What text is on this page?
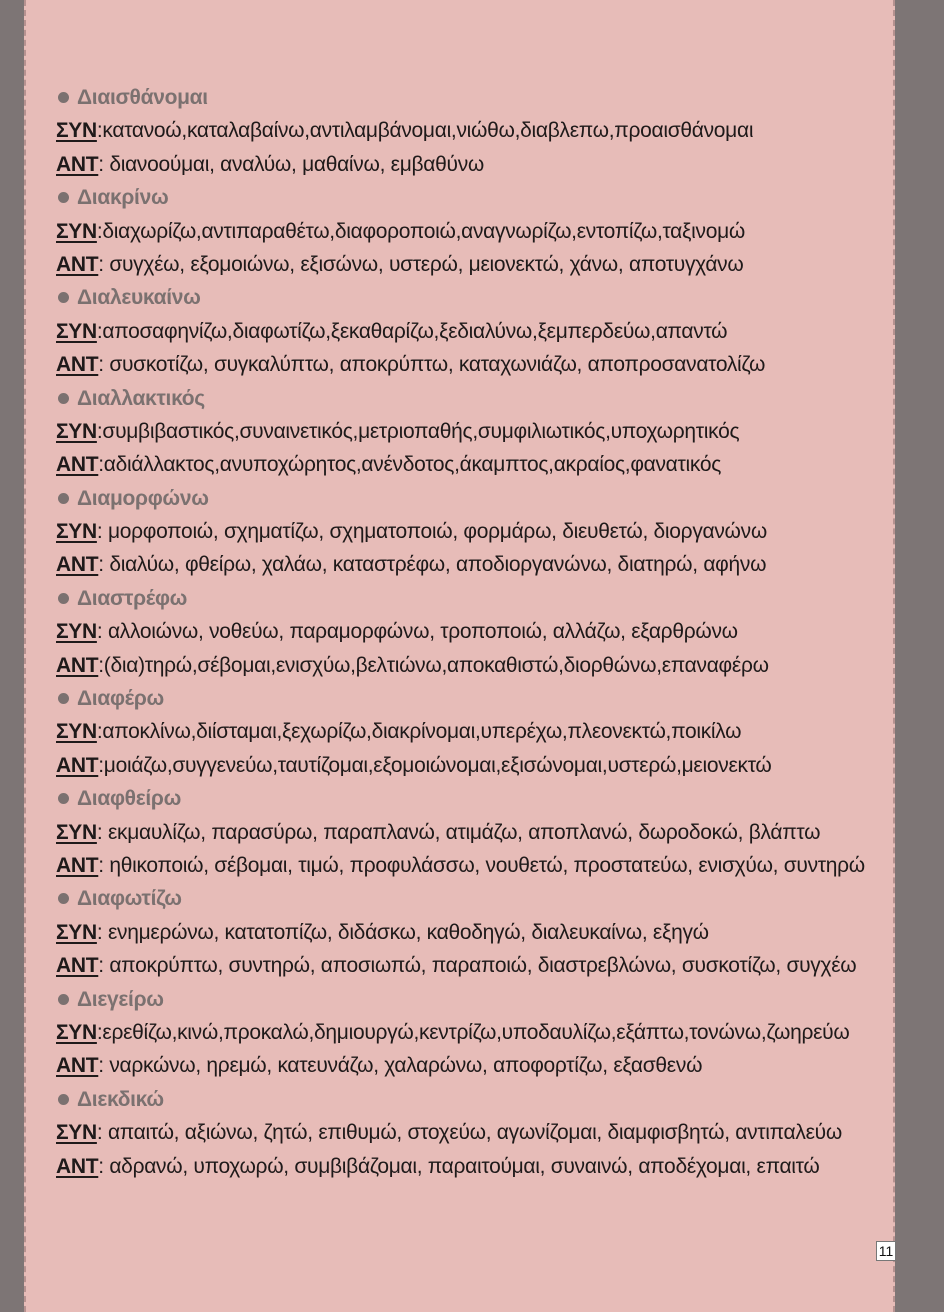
Διαισθάνομαι
ΣΥΝ:κατανοώ,καταλαβαίνω,αντιλαμβάνομαι,νιώθω,διαβλεπω,προαισθάνομαι
ΑΝΤ: διανοούμαι, αναλύω, μαθαίνω, εμβαθύνω
Διακρίνω
ΣΥΝ:διαχωρίζω,αντιπαραθέτω,διαφοροποιώ,αναγνωρίζω,εντοπίζω,ταξινομώ
ΑΝΤ: συγχέω, εξομοιώνω, εξισώνω, υστερώ, μειονεκτώ, χάνω, αποτυγχάνω
Διαλευκαίνω
ΣΥΝ:αποσαφηνίζω,διαφωτίζω,ξεκαθαρίζω,ξεδιαλύνω,ξεμπερδεύω,απαντώ
ΑΝΤ: συσκοτίζω, συγκαλύπτω, αποκρύπτω, καταχωνιάζω, αποπροσανατολίζω
Διαλλακτικός
ΣΥΝ:συμβιβαστικός,συναινετικός,μετριοπαθής,συμφιλιωτικός,υποχωρητικός
ΑΝΤ:αδιάλλακτος,ανυποχώρητος,ανένδοτος,άκαμπτος,ακραίος,φανατικός
Διαμορφώνω
ΣΥΝ: μορφοποιώ, σχηματίζω, σχηματοποιώ, φορμάρω, διευθετώ, διοργανώνω
ΑΝΤ: διαλύω, φθείρω, χαλάω, καταστρέφω, αποδιοργανώνω, διατηρώ, αφήνω
Διαστρέφω
ΣΥΝ: αλλοιώνω, νοθεύω, παραμορφώνω, τροποποιώ, αλλάζω, εξαρθρώνω
ΑΝΤ:(δια)τηρώ,σέβομαι,ενισχύω,βελτιώνω,αποκαθιστώ,διορθώνω,επαναφέρω
Διαφέρω
ΣΥΝ:αποκλίνω,διίσταμαι,ξεχωρίζω,διακρίνομαι,υπερέχω,πλεονεκτώ,ποικίλω
ΑΝΤ:μοιάζω,συγγενεύω,ταυτίζομαι,εξομοιώνομαι,εξισώνομαι,υστερώ,μειονεκτώ
Διαφθείρω
ΣΥΝ: εκμαυλίζω, παρασύρω, παραπλανώ, ατιμάζω, αποπλανώ, δωροδοκώ, βλάπτω
ΑΝΤ: ηθικοποιώ, σέβομαι, τιμώ, προφυλάσσω, νουθετώ, προστατεύω, ενισχύω, συντηρώ
Διαφωτίζω
ΣΥΝ: ενημερώνω, κατατοπίζω, διδάσκω, καθοδηγώ, διαλευκαίνω, εξηγώ
ΑΝΤ: αποκρύπτω, συντηρώ, αποσιωπώ, παραποιώ, διαστρεβλώνω, συσκοτίζω, συγχέω
Διεγείρω
ΣΥΝ:ερεθίζω,κινώ,προκαλώ,δημιουργώ,κεντρίζω,υποδαυλίζω,εξάπτω,τονώνω,ζωηρεύω
ΑΝΤ: ναρκώνω, ηρεμώ, κατευνάζω, χαλαρώνω, αποφορτίζω, εξασθενώ
Διεκδικώ
ΣΥΝ: απαιτώ, αξιώνω, ζητώ, επιθυμώ, στοχεύω, αγωνίζομαι, διαμφισβητώ, αντιπαλεύω
ΑΝΤ: αδρανώ, υποχωρώ, συμβιβάζομαι, παραιτούμαι, συναινώ, αποδέχομαι, επαιτώ
11
